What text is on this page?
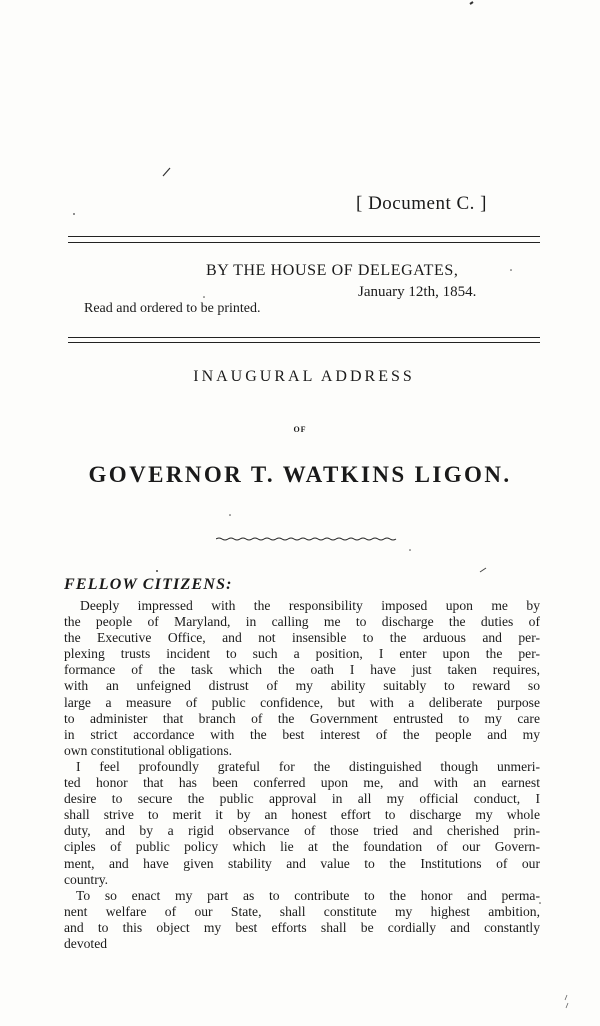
[ Document C. ]
BY THE HOUSE OF DELEGATES,
January 12th, 1854.
Read and ordered to be printed.
INAUGURAL ADDRESS
OF
GOVERNOR T. WATKINS LIGON.
FELLOW CITIZENS:
Deeply impressed with the responsibility imposed upon me by
the people of Maryland, in calling me to discharge the duties of
the Executive Office, and not insensible to the arduous and per-
plexing trusts incident to such a position, I enter upon the per-
formance of the task which the oath I have just taken requires,
with an unfeigned distrust of my ability suitably to reward so
large a measure of public confidence, but with a deliberate purpose
to administer that branch of the Government entrusted to my care
in strict accordance with the best interest of the people and my
own constitutional obligations.
I feel profoundly grateful for the distinguished though unmeri-
ted honor that has been conferred upon me, and with an earnest
desire to secure the public approval in all my official conduct, I
shall strive to merit it by an honest effort to discharge my whole
duty, and by a rigid observance of those tried and cherished prin-
ciples of public policy which lie at the foundation of our Govern-
ment, and have given stability and value to the Institutions of our
country.
To so enact my part as to contribute to the honor and perma-
nent welfare of our State, shall constitute my highest ambition,
and to this object my best efforts shall be cordially and constantly
devoted
